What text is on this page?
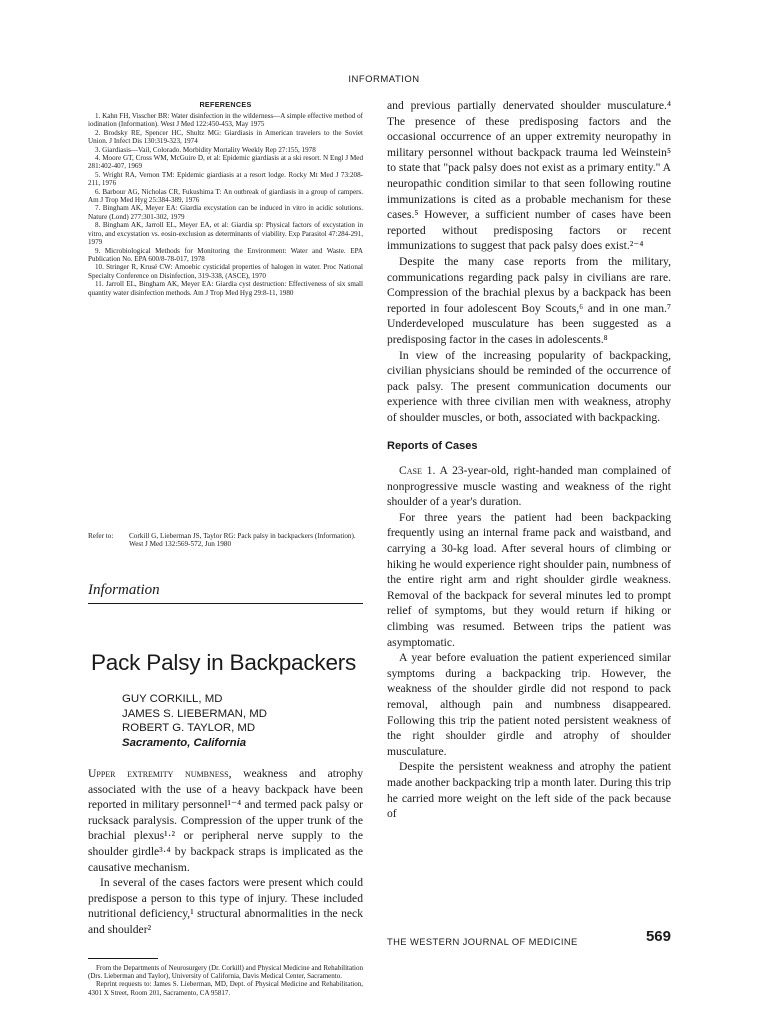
INFORMATION
REFERENCES
1. Kahn FH, Visscher BR: Water disinfection in the wilderness—A simple effective method of iodination (Information). West J Med 122:450-453, May 1975
2. Brodsky RE, Spencer HC, Shultz MG: Giardiasis in American travelers to the Soviet Union. J Infect Dis 130:319-323, 1974
3. Giardiasis—Vail, Colorado. Morbidity Mortality Weekly Rep 27:155, 1978
4. Moore GT, Cross WM, McGuire D, et al: Epidemic giardiasis at a ski resort. N Engl J Med 281:402-407, 1969
5. Wright RA, Vernon TM: Epidemic giardiasis at a resort lodge. Rocky Mt Med J 73:208-211, 1976
6. Barbour AG, Nicholas CR, Fukushima T: An outbreak of giardiasis in a group of campers. Am J Trop Med Hyg 25:384-389, 1976
7. Bingham AK, Meyer EA: Giardia excystation can be induced in vitro in acidic solutions. Nature (Lond) 277:301-302, 1979
8. Bingham AK, Jarroll EL, Meyer EA, et al: Giardia sp: Physical factors of excystation in vitro, and excystation vs. eosin-exclusion as determinants of viability. Exp Parasitol 47:284-291, 1979
9. Microbiological Methods for Monitoring the Environment: Water and Waste. EPA Publication No. EPA 600/8-78-017, 1978
10. Stringer R, Krusé CW: Amoebic cysticidal properties of halogen in water. Proc National Specialty Conference on Disinfection, 319-338, (ASCE), 1970
11. Jarroll EL, Bingham AK, Meyer EA: Giardia cyst destruction: Effectiveness of six small quantity water disinfection methods. Am J Trop Med Hyg 29:8-11, 1980
Refer to:	Corkill G, Lieberman JS, Taylor RG: Pack palsy in backpackers (Information). West J Med 132:569-572, Jun 1980
Information
Pack Palsy in Backpackers
GUY CORKILL, MD
JAMES S. LIEBERMAN, MD
ROBERT G. TAYLOR, MD
Sacramento, California

Upper extremity numbness, weakness and atrophy associated with the use of a heavy backpack have been reported in military personnel¹⁻⁴ and termed pack palsy or rucksack paralysis. Compression of the upper trunk of the brachial plexus¹·² or peripheral nerve supply to the shoulder girdle³·⁴ by backpack straps is implicated as the causative mechanism.

In several of the cases factors were present which could predispose a person to this type of injury. These included nutritional deficiency,¹ structural abnormalities in the neck and shoulder²

From the Departments of Neurosurgery (Dr. Corkill) and Physical Medicine and Rehabilitation (Drs. Lieberman and Taylor), University of California, Davis Medical Center, Sacramento.

Reprint requests to: James S. Lieberman, MD, Dept. of Physical Medicine and Rehabilitation, 4301 X Street, Room 201, Sacramento, CA 95817.

and previous partially denervated shoulder musculature.⁴ The presence of these predisposing factors and the occasional occurrence of an upper extremity neuropathy in military personnel without backpack trauma led Weinstein⁵ to state that "pack palsy does not exist as a primary entity." A neuropathic condition similar to that seen following routine immunizations is cited as a probable mechanism for these cases.⁵ However, a sufficient number of cases have been reported without predisposing factors or recent immunizations to suggest that pack palsy does exist.²⁻⁴

Despite the many case reports from the military, communications regarding pack palsy in civilians are rare. Compression of the brachial plexus by a backpack has been reported in four adolescent Boy Scouts,⁶ and in one man.⁷ Underdeveloped musculature has been suggested as a predisposing factor in the cases in adolescents.⁸

In view of the increasing popularity of backpacking, civilian physicians should be reminded of the occurrence of pack palsy. The present communication documents our experience with three civilian men with weakness, atrophy of shoulder muscles, or both, associated with backpacking.

Reports of Cases

Case 1. A 23-year-old, right-handed man complained of nonprogressive muscle wasting and weakness of the right shoulder of a year's duration.

For three years the patient had been backpacking frequently using an internal frame pack and waistband, and carrying a 30-kg load. After several hours of climbing or hiking he would experience right shoulder pain, numbness of the entire right arm and right shoulder girdle weakness. Removal of the backpack for several minutes led to prompt relief of symptoms, but they would return if hiking or climbing was resumed. Between trips the patient was asymptomatic.

A year before evaluation the patient experienced similar symptoms during a backpacking trip. However, the weakness of the shoulder girdle did not respond to pack removal, although pain and numbness disappeared. Following this trip the patient noted persistent weakness of the right shoulder girdle and atrophy of shoulder musculature.

Despite the persistent weakness and atrophy the patient made another backpacking trip a month later. During this trip he carried more weight on the left side of the pack because of

THE WESTERN JOURNAL OF MEDICINE	569
